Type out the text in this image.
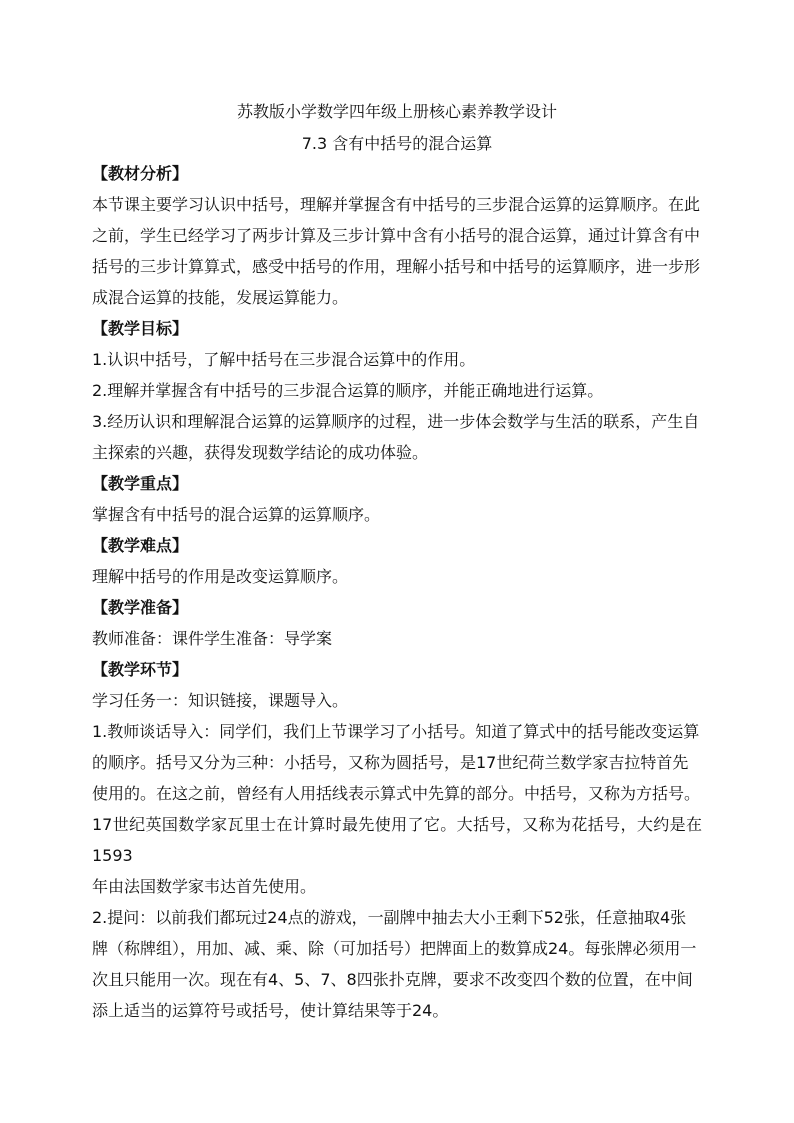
苏教版小学数学四年级上册核心素养教学设计
7.3 含有中括号的混合运算

【教材分析】

本节课主要学习认识中括号，理解并掌握含有中括号的三步混合运算的运算顺序。在此

之前，学生已经学习了两步计算及三步计算中含有小括号的混合运算，通过计算含有中

括号的三步计算算式，感受中括号的作用，理解小括号和中括号的运算顺序，进一步形

成混合运算的技能，发展运算能力。

【教学目标】

1.认识中括号，了解中括号在三步混合运算中的作用。

2.理解并掌握含有中括号的三步混合运算的顺序，并能正确地进行运算。

3.经历认识和理解混合运算的运算顺序的过程，进一步体会数学与生活的联系，产生自

主探索的兴趣，获得发现数学结论的成功体验。

【教学重点】

掌握含有中括号的混合运算的运算顺序。

【教学难点】

理解中括号的作用是改变运算顺序。

【教学准备】

教师准备：课件学生准备：导学案

【教学环节】

学习任务一：知识链接，课题导入。

1.教师谈话导入：同学们，我们上节课学习了小括号。知道了算式中的括号能改变运算

的顺序。括号又分为三种：小括号，又称为圆括号，是17世纪荷兰数学家吉拉特首先

使用的。在这之前，曾经有人用括线表示算式中先算的部分。中括号，又称为方括号。

17世纪英国数学家瓦里士在计算时最先使用了它。大括号，又称为花括号，大约是在1593

年由法国数学家韦达首先使用。

2.提问：以前我们都玩过24点的游戏，一副牌中抽去大小王剩下52张，任意抽取4张

牌（称牌组），用加、减、乘、除（可加括号）把牌面上的数算成24。每张牌必须用一

次且只能用一次。现在有4、5、7、8四张扑克牌，要求不改变四个数的位置，在中间

添上适当的运算符号或括号，使计算结果等于24。
